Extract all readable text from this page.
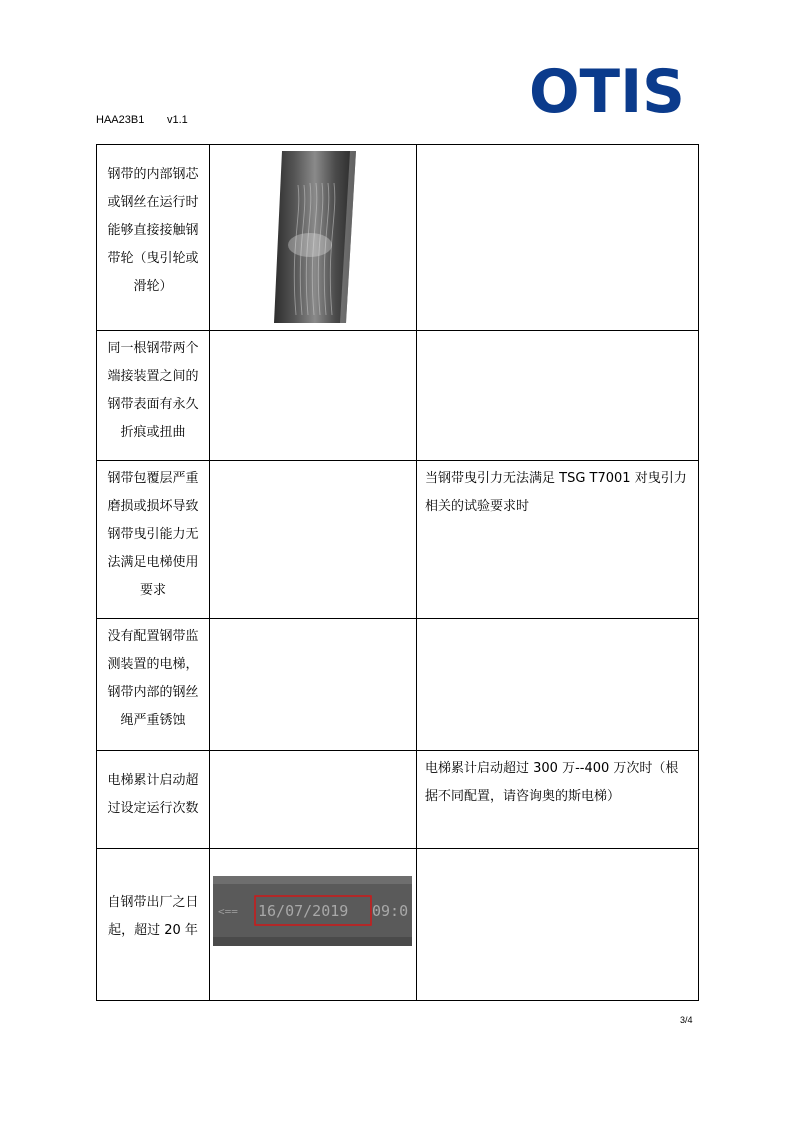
HAA23B1 v1.1	OTIS
钢带的内部钢芯或钢丝在运行时能够直接接触钢带轮（曳引轮或滑轮）

同一根钢带两个端接装置之间的钢带表面有永久折痕或扭曲		

钢带包覆层严重磨损或损坏导致钢带曳引能力无法满足电梯使用要求		当钢带曳引力无法满足 TSG T7001 对曳引力相关的试验要求时

没有配置钢带监测装置的电梯，钢带内部的钢丝绳严重锈蚀		

电梯累计启动超过设定运行次数		电梯累计启动超过 300 万--400 万次时（根据不同配置，请咨询奥的斯电梯）

自钢带出厂之日起，超过 20 年	<== 16/07/2019 09:0	

3/4
